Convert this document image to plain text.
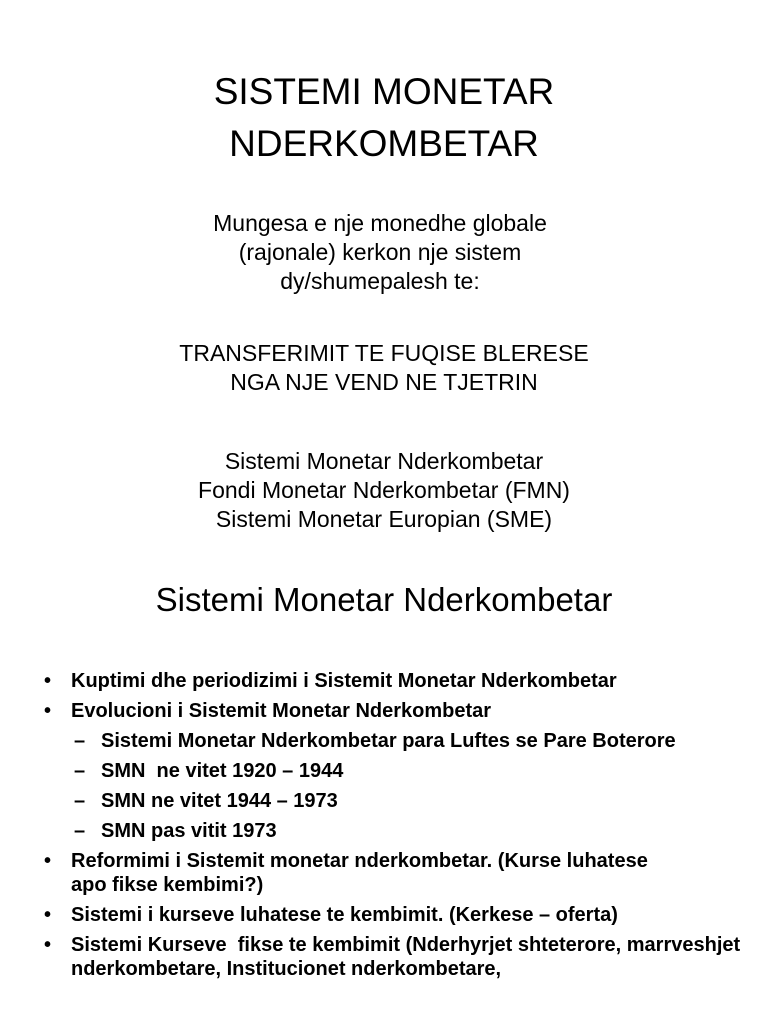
SISTEMI MONETAR
NDERKOMBETAR
Mungesa e nje monedhe globale
(rajonale) kerkon nje sistem
dy/shumepalesh te:
TRANSFERIMIT TE FUQISE BLERESE
NGA NJE VEND NE TJETRIN
Sistemi Monetar Nderkombetar
Fondi Monetar Nderkombetar (FMN)
Sistemi Monetar Europian (SME)
Sistemi Monetar Nderkombetar
• Kuptimi dhe periodizimi i Sistemit Monetar Nderkombetar
• Evolucioni i Sistemit Monetar Nderkombetar
– Sistemi Monetar Nderkombetar para Luftes se Pare Boterore
– SMN  ne vitet 1920 – 1944
– SMN ne vitet 1944 – 1973
– SMN pas vitit 1973
• Reformimi i Sistemit monetar nderkombetar. (Kurse luhatese apo fikse kembimi?)
• Sistemi i kurseve luhatese te kembimit. (Kerkese – oferta)
• Sistemi Kurseve  fikse te kembimit (Nderhyrjet shteterore, marrveshjet nderkombetare, Institucionet nderkombetare,
